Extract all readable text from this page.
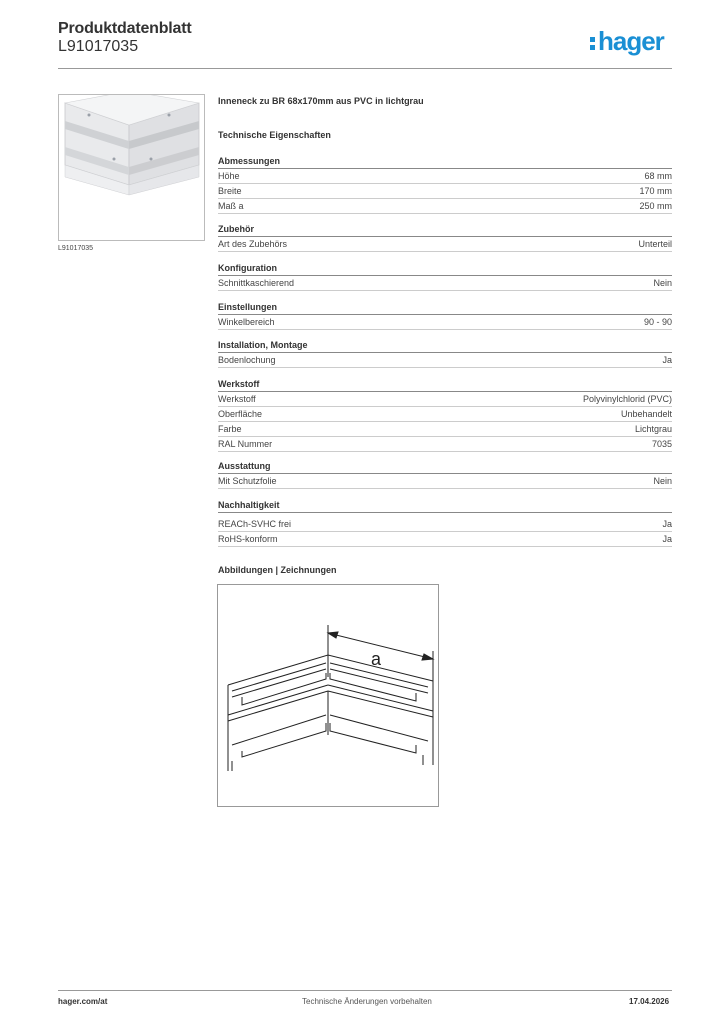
Produktdatenblatt
L91017035	hager
L91017035
Inneneck zu BR 68x170mm aus PVC in lichtgrau
Technische Eigenschaften
Abmessungen
Höhe	68 mm
Breite	170 mm
Maß a	250 mm
Zubehör
Art des Zubehörs	Unterteil
Konfiguration
Schnittkaschierend	Nein
Einstellungen
Winkelbereich	90 - 90
Installation, Montage
Bodenlochung	Ja
Werkstoff
Werkstoff	Polyvinylchlorid (PVC)
Oberfläche	Unbehandelt
Farbe	Lichtgrau
RAL Nummer	7035
Ausstattung
Mit Schutzfolie	Nein
Nachhaltigkeit
REACh-SVHC frei	Ja
RoHS-konform	Ja
Abbildungen | Zeichnungen
a
hager.com/at	Technische Änderungen vorbehalten	17.04.2026
